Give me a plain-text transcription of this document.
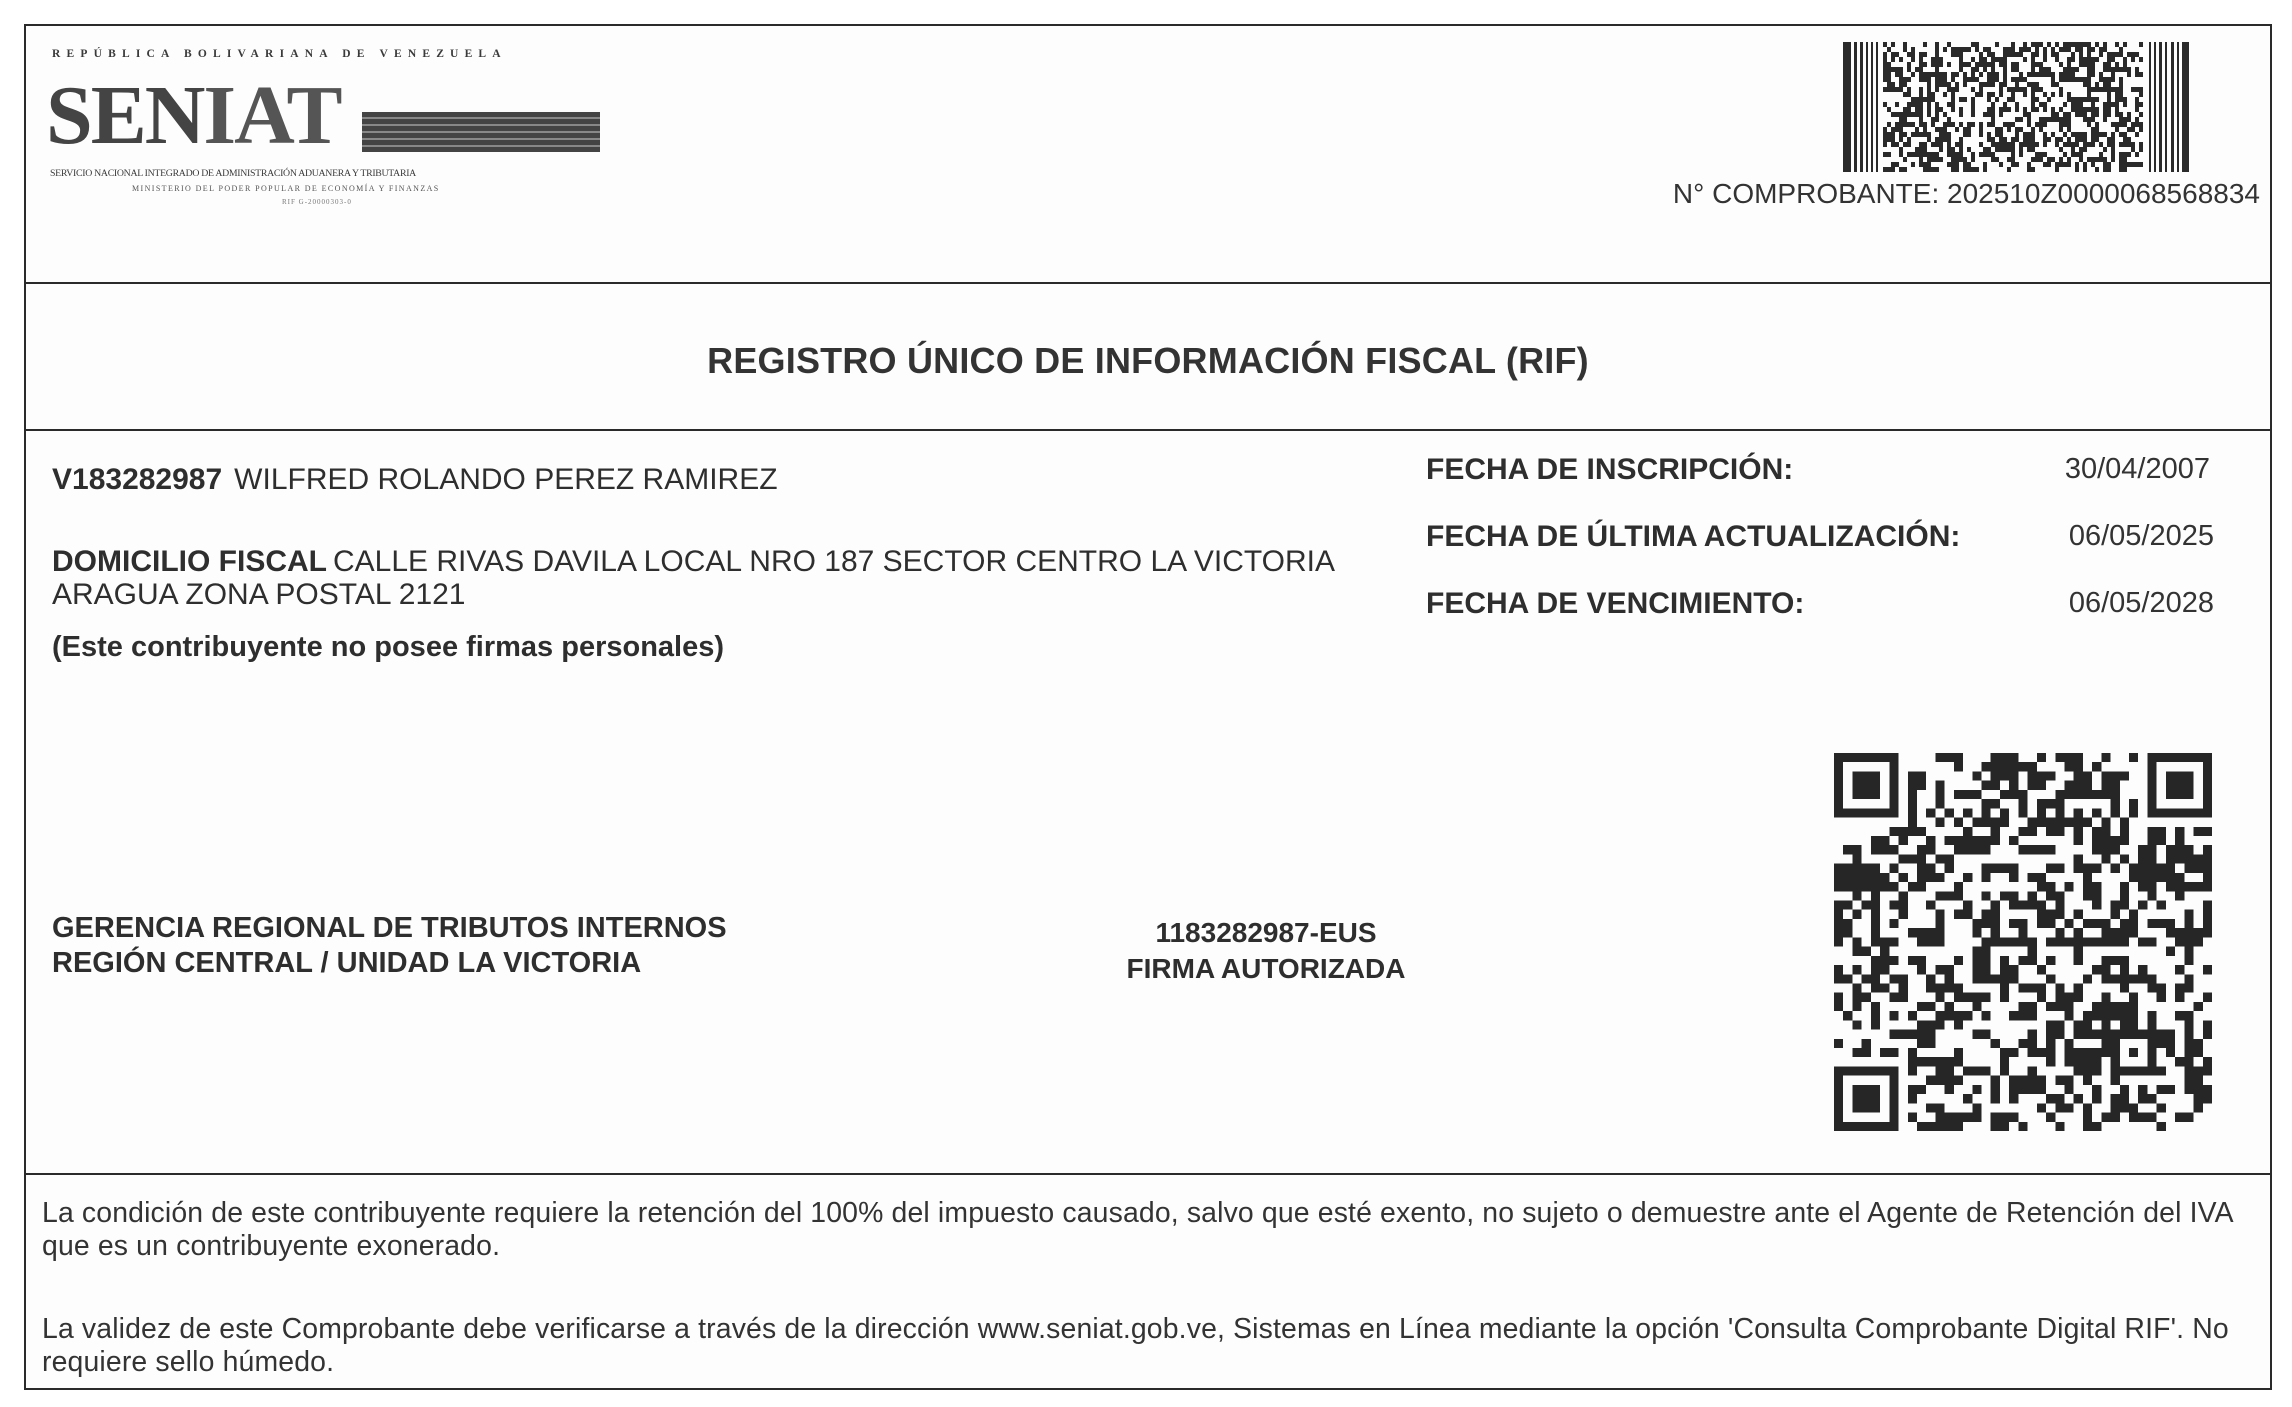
REPÚBLICA BOLIVARIANA DE VENEZUELA
SENIAT
SERVICIO NACIONAL INTEGRADO DE ADMINISTRACIÓN ADUANERA Y TRIBUTARIA
MINISTERIO DEL PODER POPULAR DE ECONOMÍA Y FINANZAS
RIF G-20000303-0	N° COMPROBANTE: 202510Z0000068568834
REGISTRO ÚNICO DE INFORMACIÓN FISCAL (RIF)
V183282987 WILFRED ROLANDO PEREZ RAMIREZ
DOMICILIO FISCAL CALLE RIVAS DAVILA LOCAL NRO 187 SECTOR CENTRO LA VICTORIA ARAGUA ZONA POSTAL 2121
(Este contribuyente no posee firmas personales)
FECHA DE INSCRIPCIÓN:	30/04/2007
FECHA DE ÚLTIMA ACTUALIZACIÓN:	06/05/2025
FECHA DE VENCIMIENTO:	06/05/2028
GERENCIA REGIONAL DE TRIBUTOS INTERNOS
REGIÓN CENTRAL / UNIDAD LA VICTORIA
1183282987-EUS
FIRMA AUTORIZADA
La condición de este contribuyente requiere la retención del 100% del impuesto causado, salvo que esté exento, no sujeto o demuestre ante el Agente de Retención del IVA que es un contribuyente exonerado.
La validez de este Comprobante debe verificarse a través de la dirección www.seniat.gob.ve, Sistemas en Línea mediante la opción 'Consulta Comprobante Digital RIF'. No requiere sello húmedo.
